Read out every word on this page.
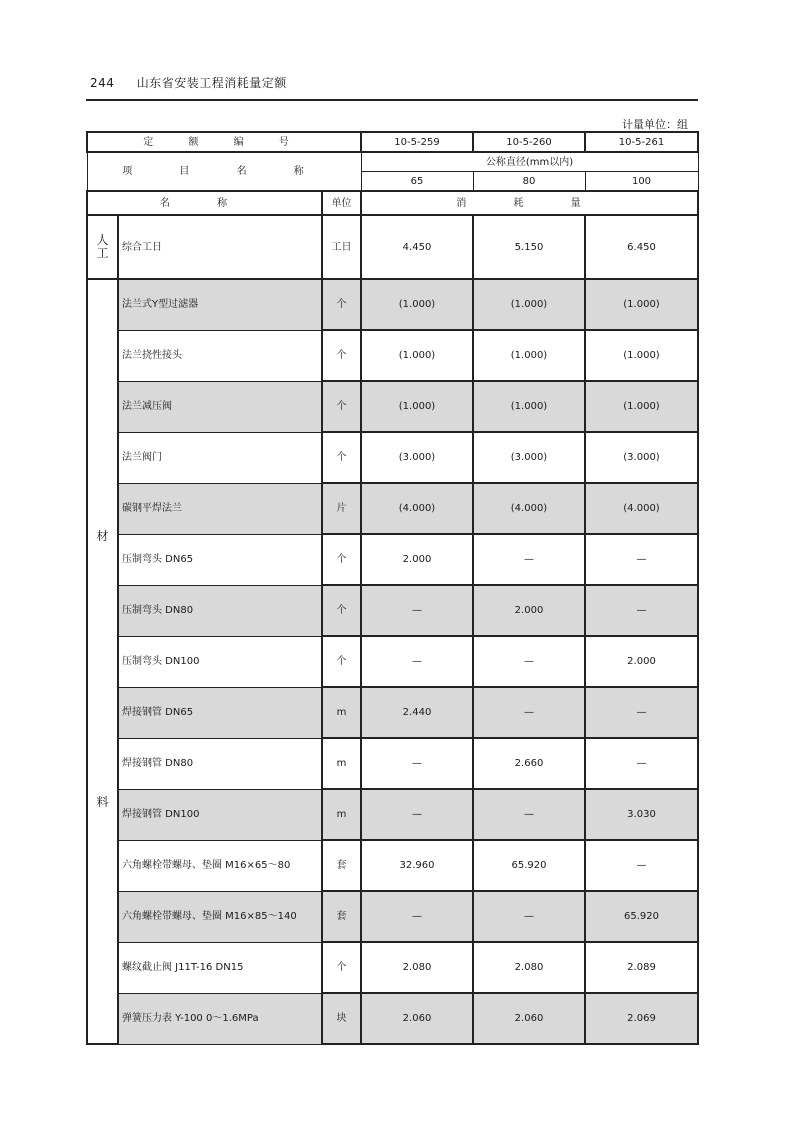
244 山东省安装工程消耗量定额
计量单位：组
定 额 编 号			10-5-259	10-5-260	10-5-261
项 目 名 称			公称直径(mm以内)		
			65	80	100
名 称		单位	消 耗 量		

人工	综合工日	工日	4.450	5.150	6.450

材
料	法兰式Y型过滤器	个	(1.000)	(1.000)	(1.000)
	法兰挠性接头	个	(1.000)	(1.000)	(1.000)
	法兰减压阀	个	(1.000)	(1.000)	(1.000)
	法兰阀门	个	(3.000)	(3.000)	(3.000)
	碳钢平焊法兰	片	(4.000)	(4.000)	(4.000)
	压制弯头 DN65	个	2.000	—	—
	压制弯头 DN80	个	—	2.000	—
	压制弯头 DN100	个	—	—	2.000
	焊接钢管 DN65	m	2.440	—	—
	焊接钢管 DN80	m	—	2.660	—
	焊接钢管 DN100	m	—	—	3.030
	六角螺栓带螺母、垫圈 M16×65～80	套	32.960	65.920	—
	六角螺栓带螺母、垫圈 M16×85～140	套	—	—	65.920
	螺纹截止阀 J11T-16 DN15	个	2.080	2.080	2.089
	弹簧压力表 Y-100 0～1.6MPa	块	2.060	2.060	2.069
